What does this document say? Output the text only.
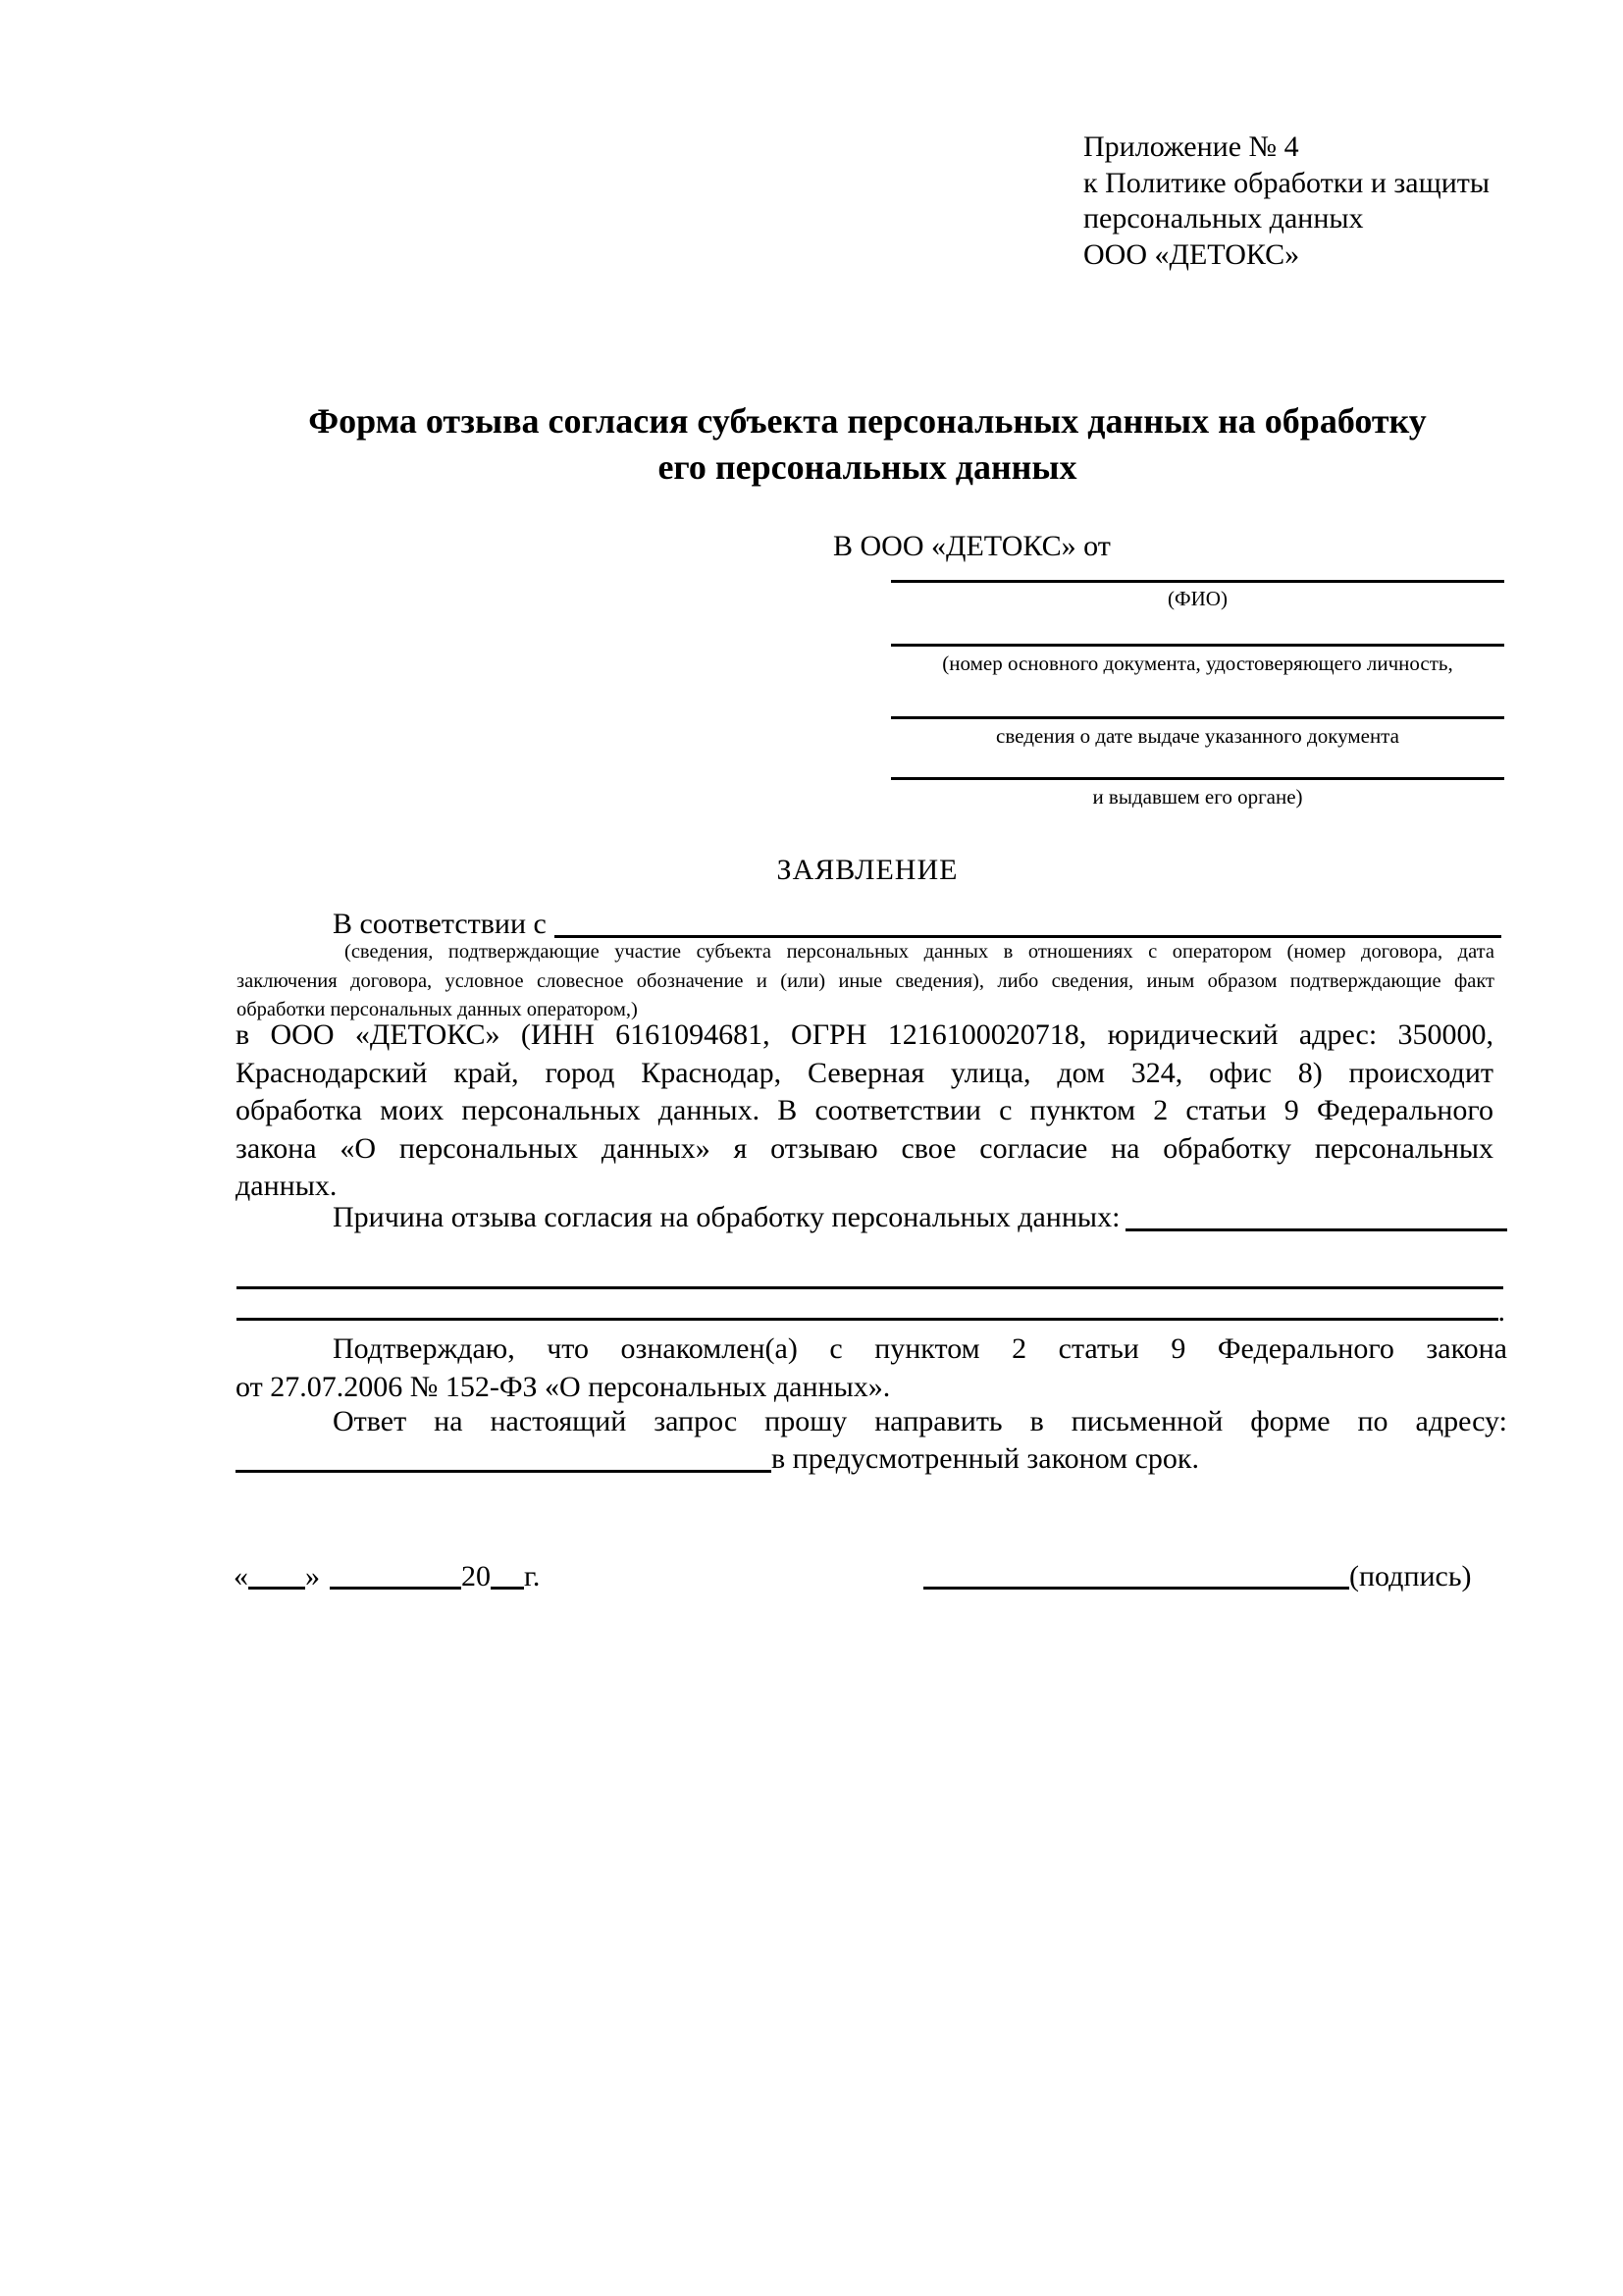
Приложение № 4
к Политике обработки и защиты
персональных данных
ООО «ДЕТОКС»
Форма отзыва согласия субъекта персональных данных на обработку
его персональных данных
В ООО «ДЕТОКС» от
(ФИО)
(номер основного документа, удостоверяющего личность,
сведения о дате выдаче указанного документа
и выдавшем его органе)
ЗАЯВЛЕНИЕ
В соответствии с
(сведения, подтверждающие участие субъекта персональных данных в отношениях с оператором (номер договора, дата
заключения договора, условное словесное обозначение и (или) иные сведения), либо сведения, иным образом подтверждающие факт
обработки персональных данных оператором,)
в ООО «ДЕТОКС» (ИНН 6161094681, ОГРН 1216100020718, юридический адрес: 350000,
Краснодарский край, город Краснодар, Северная улица, дом 324, офис 8) происходит
обработка моих персональных данных. В соответствии с пунктом 2 статьи 9 Федерального
закона «О персональных данных» я отзываю свое согласие на обработку персональных
данных.
Причина отзыва согласия на обработку персональных данных:
.
Подтверждаю, что ознакомлен(а) с пунктом 2 статьи 9 Федерального закона
от 27.07.2006 № 152-ФЗ «О персональных данных».
Ответ на настоящий запрос прошу направить в письменной форме по адресу:
в предусмотренный законом срок.
« »	20 г.	(подпись)
